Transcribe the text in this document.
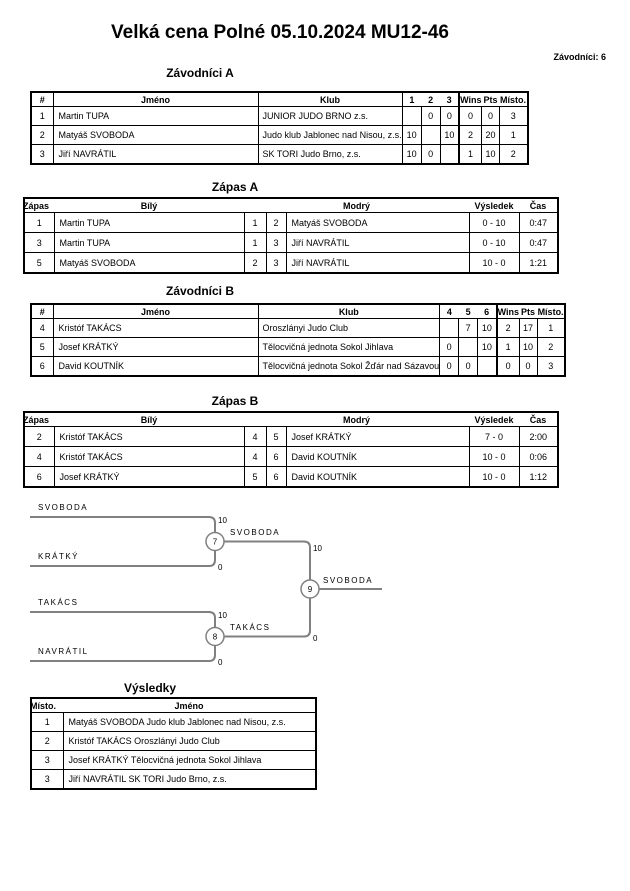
Velká cena Polné 05.10.2024 MU12-46
Závodníci: 6
Závodníci A
#	Jméno	Klub	1	2	3	Wins	Pts	Místo.
1	Martin TUPA	JUNIOR JUDO BRNO z.s.		0	0	0	0	3
2	Matyáš SVOBODA	Judo klub Jablonec nad Nisou, z.s.	10		10	2	20	1
3	Jiří NAVRÁTIL	SK TORI Judo Brno, z.s.	10	0		1	10	2
Zápas A
Zápas	Bílý	Modrý			Výsledek	Čas
1	Martin TUPA	1	2	Matyáš SVOBODA	0 - 10	0:47
3	Martin TUPA	1	3	Jiří NAVRÁTIL	0 - 10	0:47
5	Matyáš SVOBODA	2	3	Jiří NAVRÁTIL	10 - 0	1:21
Závodníci B
#	Jméno	Klub	4	5	6	Wins	Pts	Místo.
4	Kristóf TAKÁCS	Oroszlányi Judo Club		7	10	2	17	1
5	Josef KRÁTKÝ	Tělocvičná jednota Sokol Jihlava	0		10	1	10	2
6	David KOUTNÍK	Tělocvičná jednota Sokol Žďár nad Sázavou	0	0		0	0	3
Zápas B
Zápas	Bílý	Modrý			Výsledek	Čas
2	Kristóf TAKÁCS	4	5	Josef KRÁTKÝ	7 - 0	2:00
4	Kristóf TAKÁCS	4	6	David KOUTNÍK	10 - 0	0:06
6	Josef KRÁTKÝ	5	6	David KOUTNÍK	10 - 0	1:12
SVOBODA
KRÁTKÝ
TAKÁCS
NAVRÁTIL
10
0
10
0
SVOBODA
TAKÁCS
10
0
SVOBODA
7
8
9
Výsledky
Místo.	Jméno
1	Matyáš SVOBODA Judo klub Jablonec nad Nisou, z.s.
2	Kristóf TAKÁCS Oroszlányi Judo Club
3	Josef KRÁTKÝ Tělocvičná jednota Sokol Jihlava
3	Jiří NAVRÁTIL SK TORI Judo Brno, z.s.
